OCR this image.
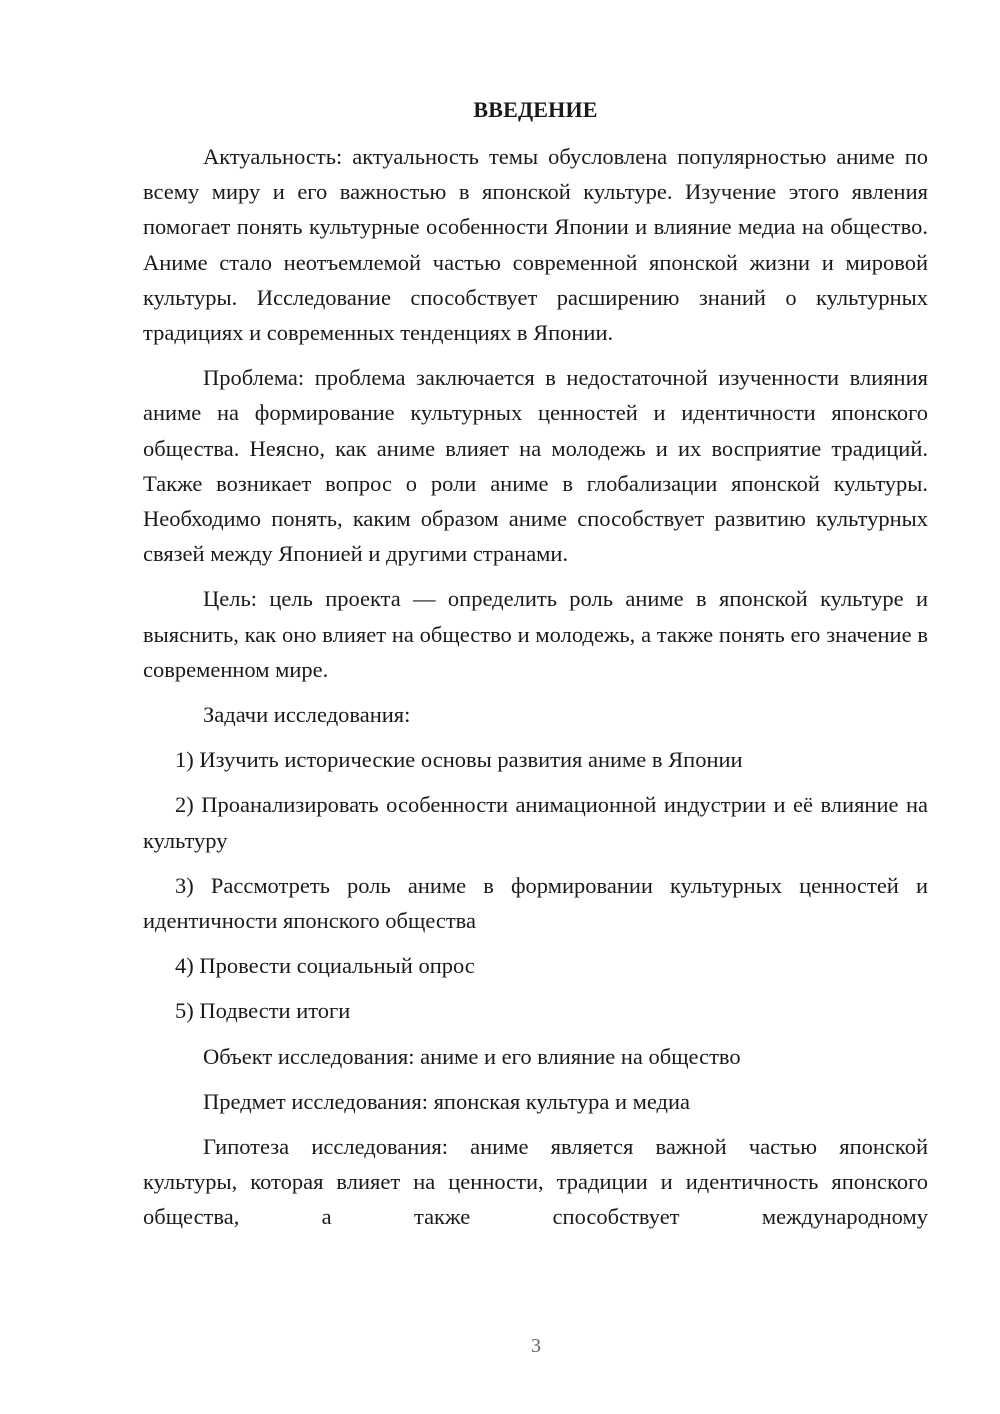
ВВЕДЕНИЕ

Актуальность: актуальность темы обусловлена популярностью аниме по всему миру и его важностью в японской культуре. Изучение этого явления помогает понять культурные особенности Японии и влияние медиа на общество. Аниме стало неотъемлемой частью современной японской жизни и мировой культуры. Исследование способствует расширению знаний о культурных традициях и современных тенденциях в Японии.

Проблема: проблема заключается в недостаточной изученности влияния аниме на формирование культурных ценностей и идентичности японского общества. Неясно, как аниме влияет на молодежь и их восприятие традиций. Также возникает вопрос о роли аниме в глобализации японской культуры. Необходимо понять, каким образом аниме способствует развитию культурных связей между Японией и другими странами.

Цель: цель проекта — определить роль аниме в японской культуре и выяснить, как оно влияет на общество и молодежь, а также понять его значение в современном мире.

Задачи исследования:

1) Изучить исторические основы развития аниме в Японии

2) Проанализировать особенности анимационной индустрии и её влияние на культуру

3) Рассмотреть роль аниме в формировании культурных ценностей и идентичности японского общества

4) Провести социальный опрос

5) Подвести итоги

Объект исследования: аниме и его влияние на общество

Предмет исследования: японская культура и медиа

Гипотеза исследования: аниме является важной частью японской культуры, которая влияет на ценности, традиции и идентичность японского общества, а также способствует международному

3
